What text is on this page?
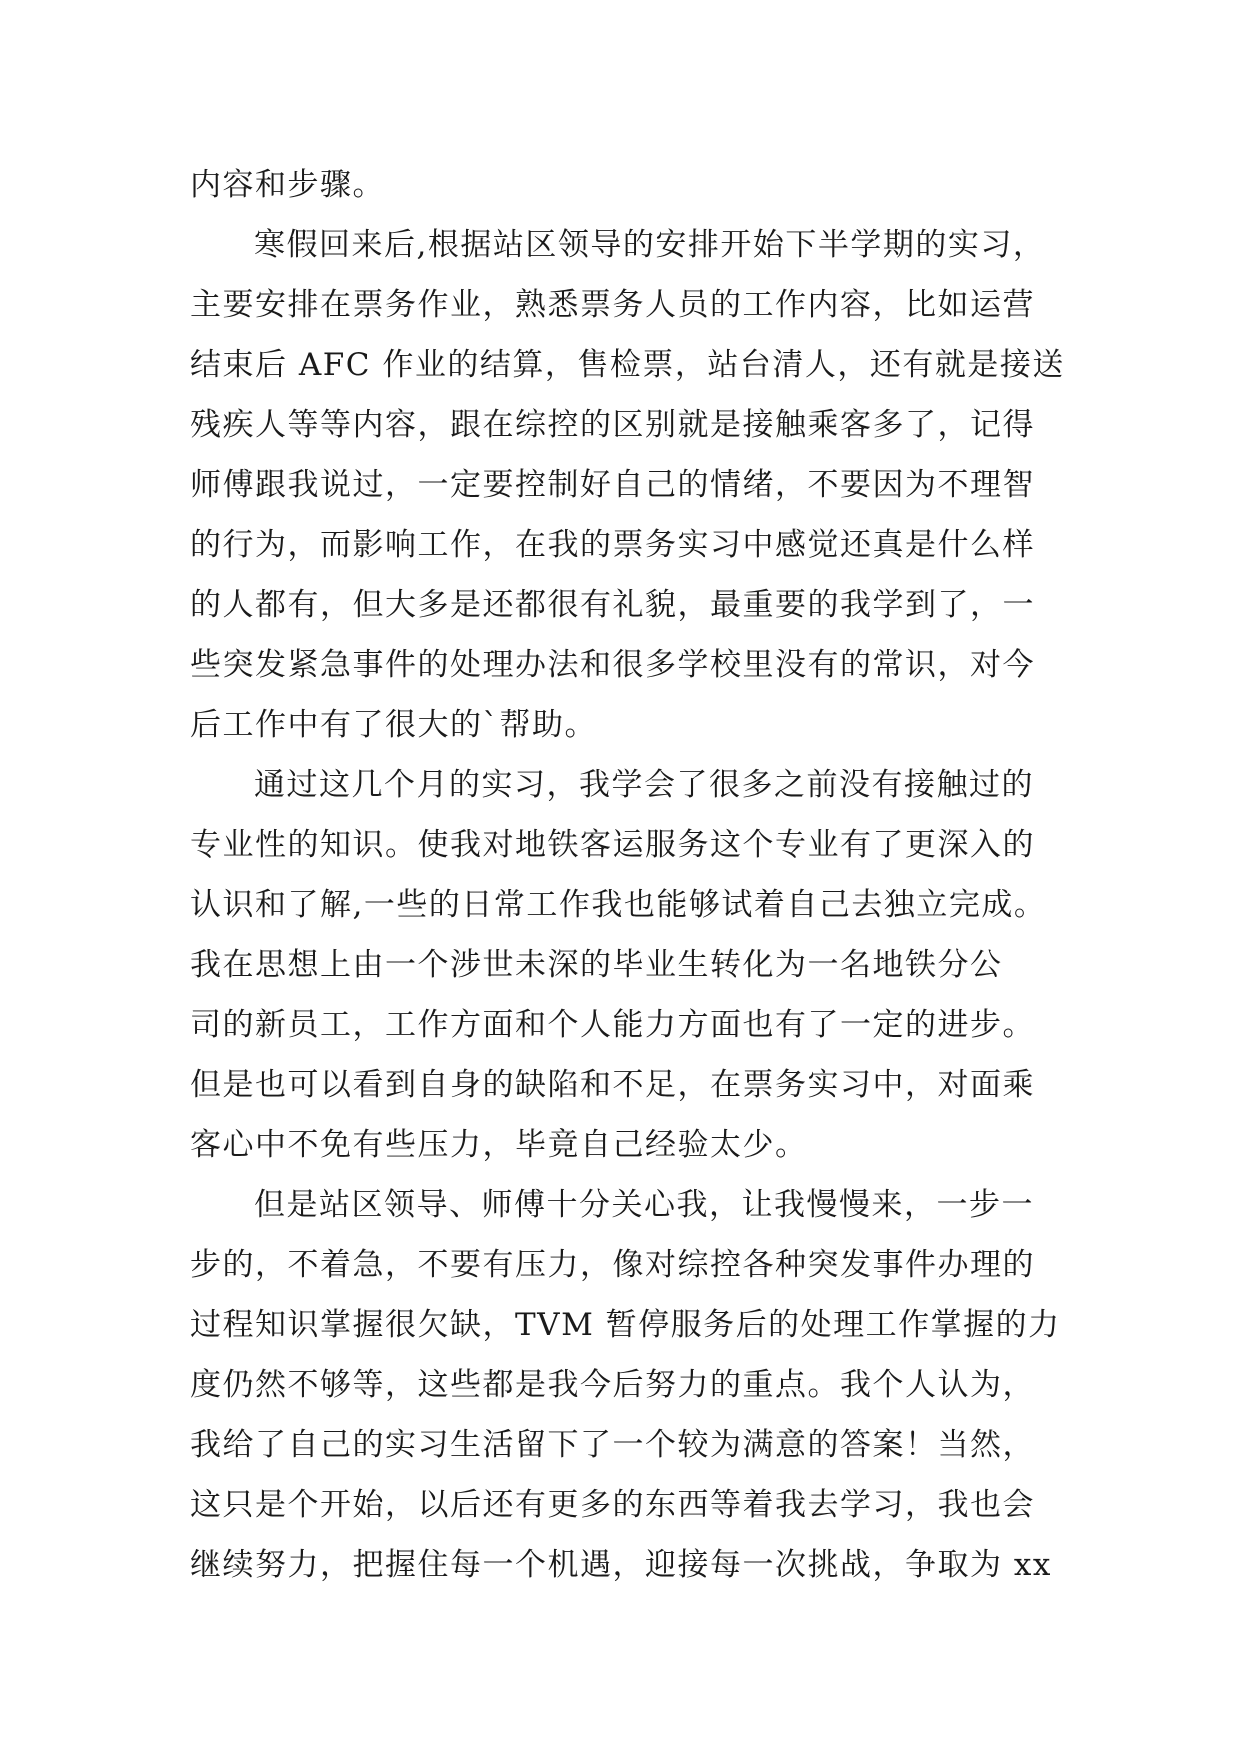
内容和步骤。
寒假回来后,根据站区领导的安排开始下半学期的实习，
主要安排在票务作业，熟悉票务人员的工作内容，比如运营
结束后 AFC 作业的结算，售检票，站台清人，还有就是接送
残疾人等等内容，跟在综控的区别就是接触乘客多了，记得
师傅跟我说过，一定要控制好自己的情绪，不要因为不理智
的行为，而影响工作，在我的票务实习中感觉还真是什么样
的人都有，但大多是还都很有礼貌，最重要的我学到了，一
些突发紧急事件的处理办法和很多学校里没有的常识，对今
后工作中有了很大的`帮助。
通过这几个月的实习，我学会了很多之前没有接触过的
专业性的知识。使我对地铁客运服务这个专业有了更深入的
认识和了解,一些的日常工作我也能够试着自己去独立完成。
我在思想上由一个涉世未深的毕业生转化为一名地铁分公
司的新员工，工作方面和个人能力方面也有了一定的进步。
但是也可以看到自身的缺陷和不足，在票务实习中，对面乘
客心中不免有些压力，毕竟自己经验太少。
但是站区领导、师傅十分关心我，让我慢慢来，一步一
步的，不着急，不要有压力，像对综控各种突发事件办理的
过程知识掌握很欠缺，TVM 暂停服务后的处理工作掌握的力
度仍然不够等，这些都是我今后努力的重点。我个人认为，
我给了自己的实习生活留下了一个较为满意的答案！当然，
这只是个开始，以后还有更多的东西等着我去学习，我也会
继续努力，把握住每一个机遇，迎接每一次挑战，争取为 xx
